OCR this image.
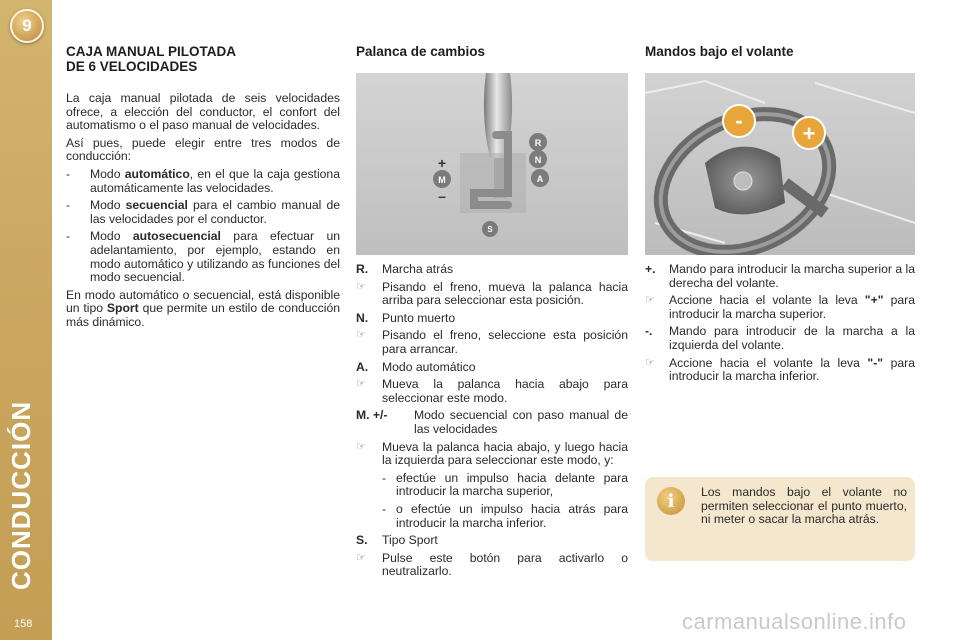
9
CONDUCCIÓN
158
CAJA MANUAL PILOTADA
DE 6 VELOCIDADES

La caja manual pilotada de seis velocidades ofrece, a elección del conductor, el confort del automatismo o el paso manual de velocidades.

Así pues, puede elegir entre tres modos de conducción:

-	Modo automático, en el que la caja gestiona automáticamente las velocidades.
-	Modo secuencial para el cambio manual de las velocidades por el conductor.
-	Modo autosecuencial para efectuar un adelantamiento, por ejemplo, estando en modo automático y utilizando as funciones del modo secuencial.

En modo automático o secuencial, está disponible un tipo Sport que permite un estilo de conducción más dinámico.

Palanca de cambios
R
N
A
M
S
+
–
Mandos bajo el volante
-
+
R.	Marcha atrás
☞	Pisando el freno, mueva la palanca hacia arriba para seleccionar esta posición.
N.	Punto muerto
☞	Pisando el freno, seleccione esta posición para arrancar.
A.	Modo automático
☞	Mueva la palanca hacia abajo para seleccionar este modo.
M. +/-	Modo secuencial con paso manual de las velocidades
☞	Mueva la palanca hacia abajo, y luego hacia la izquierda para seleccionar este modo, y:
- efectúe un impulso hacia delante para introducir la marcha superior,
- o efectúe un impulso hacia atrás para introducir la marcha inferior.
S.	Tipo Sport
☞	Pulse este botón para activarlo o neutralizarlo.
+.	Mando para introducir la marcha superior a la derecha del volante.
☞	Accione hacia el volante la leva "+" para introducir la marcha superior.
-.	Mando para introducir de la marcha a la izquierda del volante.
☞	Accione hacia el volante la leva "-" para introducir la marcha inferior.
i	Los mandos bajo el volante no permiten seleccionar el punto muerto, ni meter o sacar la marcha atrás.
carmanualsonline.info
